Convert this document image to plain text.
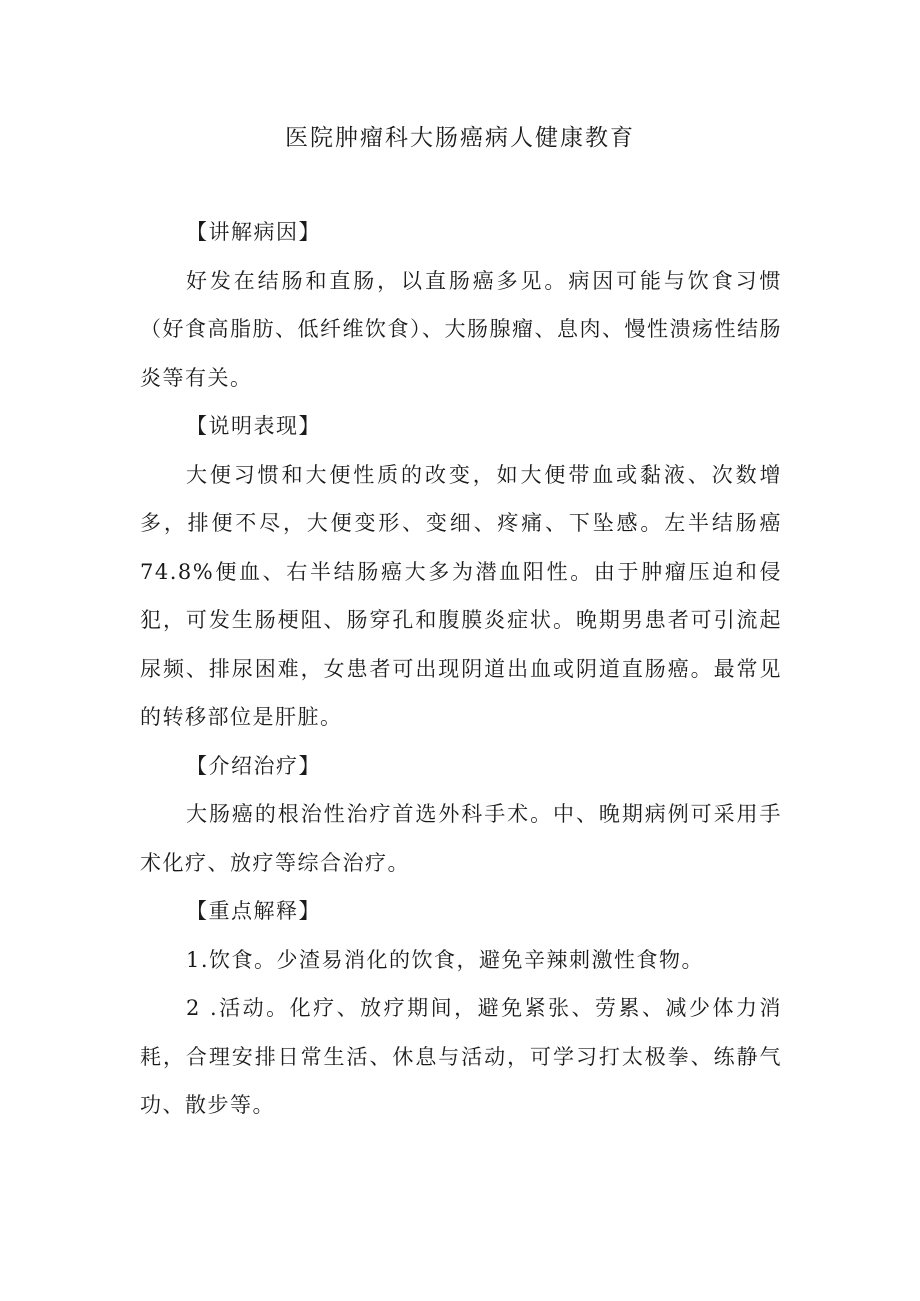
医院肿瘤科大肠癌病人健康教育

【讲解病因】

好发在结肠和直肠，以直肠癌多见。病因可能与饮食习惯（好食高脂肪、低纤维饮食）、大肠腺瘤、息肉、慢性溃疡性结肠炎等有关。

【说明表现】

大便习惯和大便性质的改变，如大便带血或黏液、次数增多，排便不尽，大便变形、变细、疼痛、下坠感。左半结肠癌74.8%便血、右半结肠癌大多为潜血阳性。由于肿瘤压迫和侵犯，可发生肠梗阻、肠穿孔和腹膜炎症状。晚期男患者可引流起尿频、排尿困难，女患者可出现阴道出血或阴道直肠癌。最常见的转移部位是肝脏。

【介绍治疗】

大肠癌的根治性治疗首选外科手术。中、晚期病例可采用手术化疗、放疗等综合治疗。

【重点解释】

1.饮食。少渣易消化的饮食，避免辛辣刺激性食物。

2 .活动。化疗、放疗期间，避免紧张、劳累、减少体力消耗，合理安排日常生活、休息与活动，可学习打太极拳、练静气功、散步等。
